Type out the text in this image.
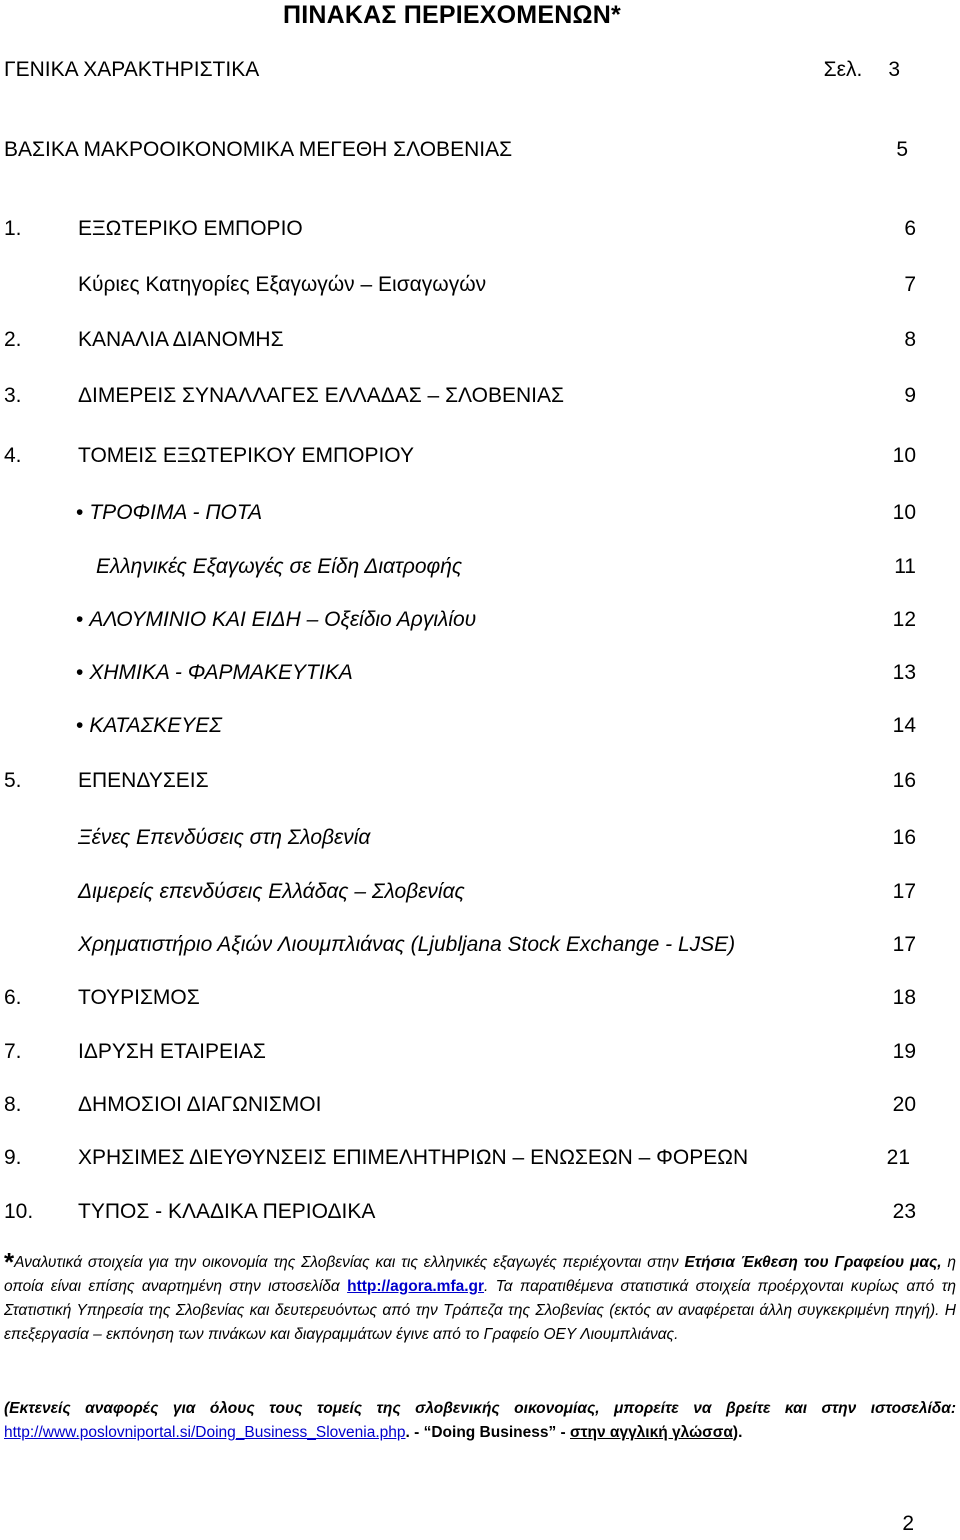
ΠΙΝΑΚΑΣ ΠΕΡΙΕΧΟΜΕΝΩΝ*
ΓΕΝΙΚΑ ΧΑΡΑΚΤΗΡΙΣΤΙΚΑ	Σελ. 3
ΒΑΣΙΚΑ ΜΑΚΡΟΟΙΚΟΝΟΜΙΚΑ ΜΕΓΕΘΗ ΣΛΟΒΕΝΙΑΣ	5
1.	ΕΞΩΤΕΡΙΚΟ ΕΜΠΟΡΙΟ	6
Κύριες Κατηγορίες Εξαγωγών – Εισαγωγών	7
2.	ΚΑΝΑΛΙΑ ΔΙΑΝΟΜΗΣ	8
3.	ΔΙΜΕΡΕΙΣ ΣΥΝΑΛΛΑΓΕΣ ΕΛΛΑΔΑΣ – ΣΛΟΒΕΝΙΑΣ	9
4.	ΤΟΜΕΙΣ ΕΞΩΤΕΡΙΚΟΥ ΕΜΠΟΡΙΟΥ	10
• ΤΡΟΦΙΜΑ - ΠΟΤΑ	10
Ελληνικές Εξαγωγές σε Είδη Διατροφής	11
• ΑΛΟΥΜΙΝΙΟ ΚΑΙ ΕΙΔΗ – Οξείδιο Αργιλίου	12
• ΧΗΜΙΚΑ - ΦΑΡΜΑΚΕΥΤΙΚΑ	13
• ΚΑΤΑΣΚΕΥΕΣ	14
5.	ΕΠΕΝΔΥΣΕΙΣ	16
Ξένες Επενδύσεις στη Σλοβενία	16
Διμερείς επενδύσεις Ελλάδας – Σλοβενίας	17
Χρηματιστήριο Αξιών Λιουμπλιάνας (Ljubljana Stock Exchange - LJSE)	17
6.	ΤΟΥΡΙΣΜΟΣ	18
7.	ΙΔΡΥΣΗ ΕΤΑΙΡΕΙΑΣ	19
8.	ΔΗΜΟΣΙΟΙ ΔΙΑΓΩΝΙΣΜΟΙ	20
9.	ΧΡΗΣΙΜΕΣ ΔΙΕΥΘΥΝΣΕΙΣ ΕΠΙΜΕΛΗΤΗΡΙΩΝ – ΕΝΩΣΕΩΝ – ΦΟΡΕΩΝ	21
10. ΤΥΠΟΣ - ΚΛΑΔΙΚΑ ΠΕΡΙΟΔΙΚΑ	23
*Αναλυτικά στοιχεία για την οικονομία της Σλοβενίας και τις ελληνικές εξαγωγές περιέχονται στην Ετήσια Έκθεση του Γραφείου μας, η οποία είναι επίσης αναρτημένη στην ιστοσελίδα http://agora.mfa.gr. Τα παρατιθέμενα στατιστικά στοιχεία προέρχονται κυρίως από τη Στατιστική Υπηρεσία της Σλοβενίας και δευτερευόντως από την Τράπεζα της Σλοβενίας (εκτός αν αναφέρεται άλλη συγκεκριμένη πηγή). Η επεξεργασία – εκπόνηση των πινάκων και διαγραμμάτων έγινε από το Γραφείο ΟΕΥ Λιουμπλιάνας.
(Εκτενείς αναφορές για όλους τους τομείς της σλοβενικής οικονομίας, μπορείτε να βρείτε και στην ιστοσελίδα: http://www.poslovniportal.si/Doing_Business_Slovenia.php. - “Doing Business” - στην αγγλική γλώσσα).
2
